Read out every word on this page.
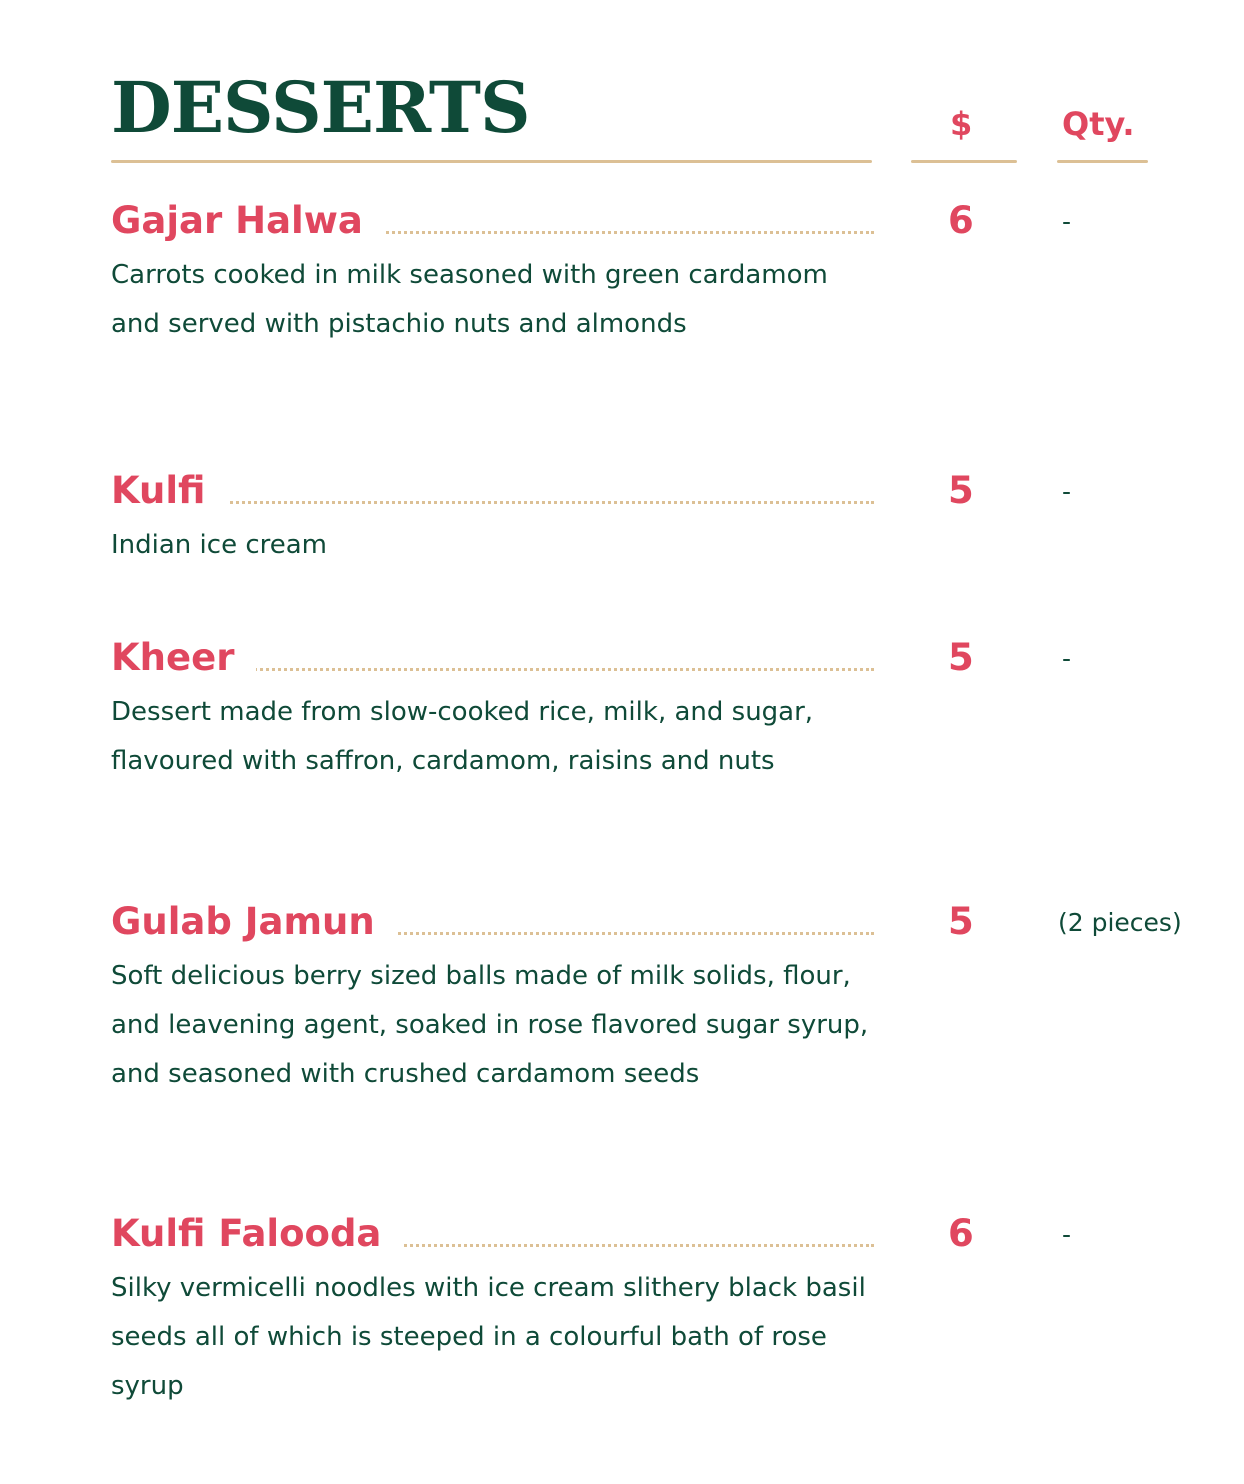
DESSERTS	$	Qty.
Gajar Halwa	6	-

Carrots cooked in milk seasoned with green cardamom and served with pistachio nuts and almonds

Kulfi	5	-

Indian ice cream

Kheer	5	-

Dessert made from slow-cooked rice, milk, and sugar, flavoured with saffron, cardamom, raisins and nuts

Gulab Jamun	5	(2 pieces)

Soft delicious berry sized balls made of milk solids, flour, and leavening agent, soaked in rose flavored sugar syrup, and seasoned with crushed cardamom seeds

Kulfi Falooda	6	-

Silky vermicelli noodles with ice cream slithery black basil seeds all of which is steeped in a colourful bath of rose syrup
